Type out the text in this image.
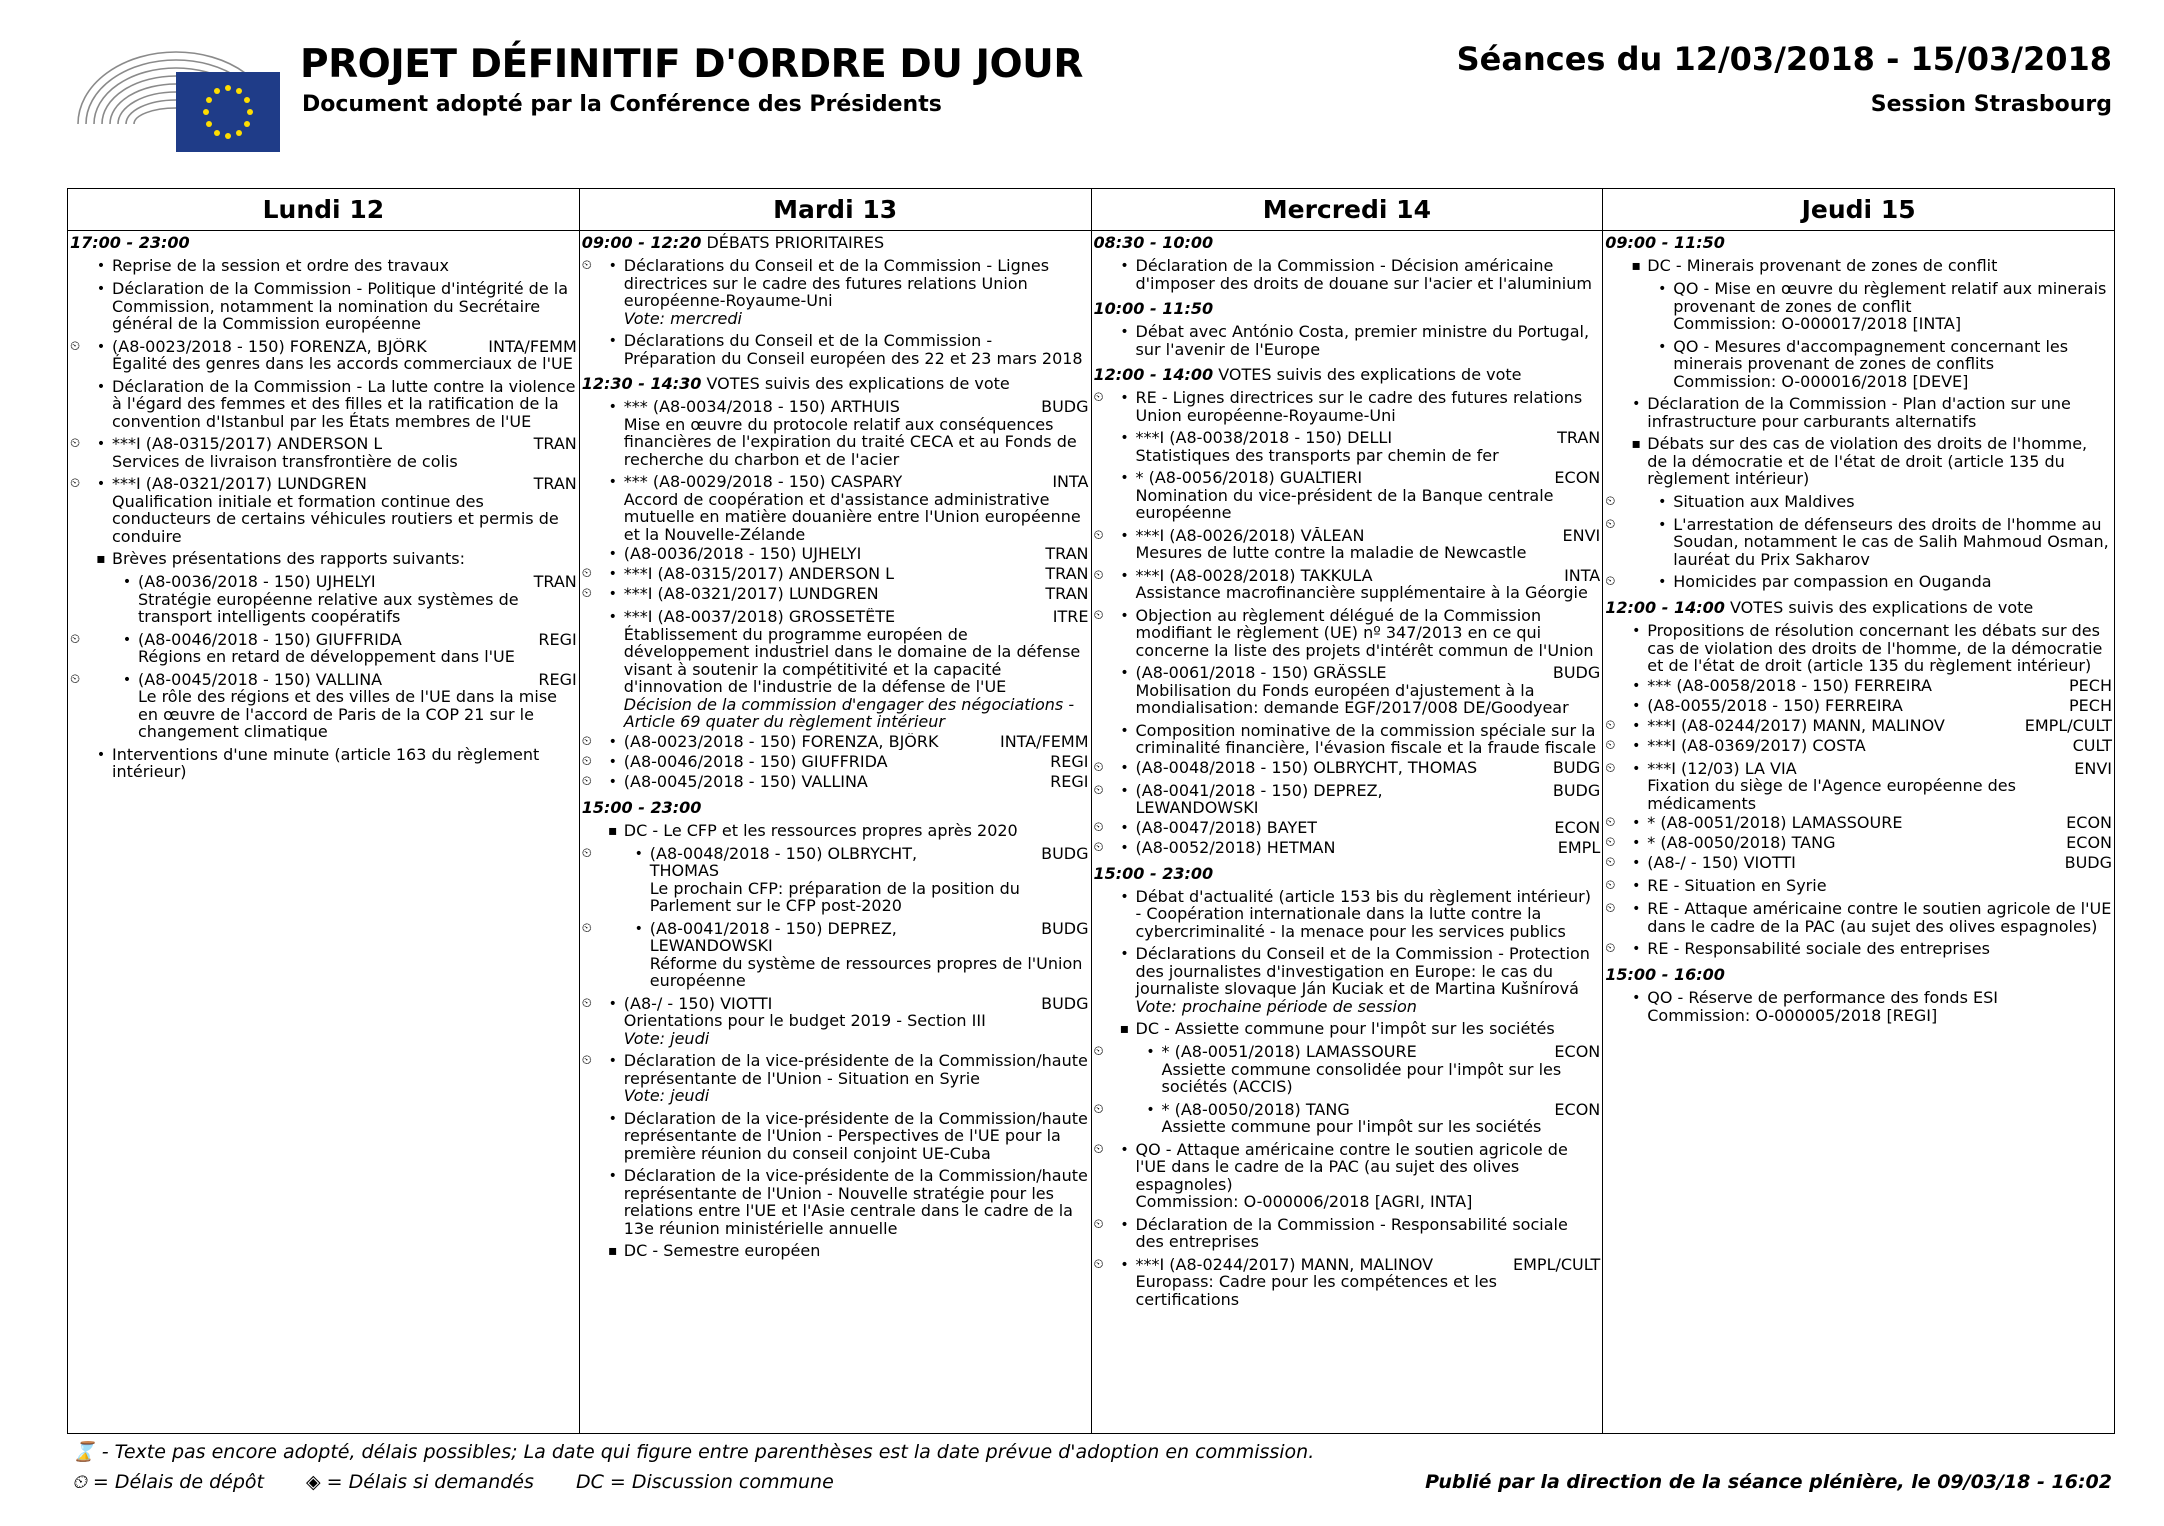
PROJET DÉFINITIF D'ORDRE DU JOUR
Document adopté par la Conférence des Présidents
Séances du 12/03/2018 - 15/03/2018
Session Strasbourg
Lundi 12
17:00 - 23:00
• Reprise de la session et ordre des travaux
• Déclaration de la Commission - Politique d'intégrité de la Commission, notamment la nomination du Secrétaire général de la Commission européenne
⏲	• (A8-0023/2018 - 150) FORENZA, BJÖRK	INTA/FEMM
Égalité des genres dans les accords commerciaux de l'UE
• Déclaration de la Commission - La lutte contre la violence à l'égard des femmes et des filles et la ratification de la convention d'Istanbul par les États membres de l'UE
⏲	• ***I (A8-0315/2017) ANDERSON L	TRAN
Services de livraison transfrontière de colis
⏲	• ***I (A8-0321/2017) LUNDGREN	TRAN
Qualification initiale et formation continue des conducteurs de certains véhicules routiers et permis de conduire
▪ Brèves présentations des rapports suivants:
• (A8-0036/2018 - 150) UJHELYI	TRAN
Stratégie européenne relative aux systèmes de transport intelligents coopératifs
⏲	• (A8-0046/2018 - 150) GIUFFRIDA	REGI
Régions en retard de développement dans l'UE
⏲	• (A8-0045/2018 - 150) VALLINA	REGI
Le rôle des régions et des villes de l'UE dans la mise en œuvre de l'accord de Paris de la COP 21 sur le changement climatique
• Interventions d'une minute (article 163 du règlement intérieur)
Mardi 13
09:00 - 12:20 DÉBATS PRIORITAIRES
⏲	• Déclarations du Conseil et de la Commission - Lignes directrices sur le cadre des futures relations Union européenne-Royaume-Uni
Vote: mercredi
• Déclarations du Conseil et de la Commission - Préparation du Conseil européen des 22 et 23 mars 2018
12:30 - 14:30 VOTES suivis des explications de vote
• *** (A8-0034/2018 - 150) ARTHUIS	BUDG
Mise en œuvre du protocole relatif aux conséquences financières de l'expiration du traité CECA et au Fonds de recherche du charbon et de l'acier
• *** (A8-0029/2018 - 150) CASPARY	INTA
Accord de coopération et d'assistance administrative mutuelle en matière douanière entre l'Union européenne et la Nouvelle-Zélande
• (A8-0036/2018 - 150) UJHELYI	TRAN
⏲	• ***I (A8-0315/2017) ANDERSON L	TRAN
⏲	• ***I (A8-0321/2017) LUNDGREN	TRAN
• ***I (A8-0037/2018) GROSSETÊTE	ITRE
Établissement du programme européen de développement industriel dans le domaine de la défense visant à soutenir la compétitivité et la capacité d'innovation de l'industrie de la défense de l'UE
Décision de la commission d'engager des négociations - Article 69 quater du règlement intérieur
⏲	• (A8-0023/2018 - 150) FORENZA, BJÖRK	INTA/FEMM
⏲	• (A8-0046/2018 - 150) GIUFFRIDA	REGI
⏲	• (A8-0045/2018 - 150) VALLINA	REGI
15:00 - 23:00
▪ DC - Le CFP et les ressources propres après 2020
⏲	• (A8-0048/2018 - 150) OLBRYCHT,	BUDG
THOMAS
Le prochain CFP: préparation de la position du Parlement sur le CFP post-2020
⏲	• (A8-0041/2018 - 150) DEPREZ,	BUDG
LEWANDOWSKI
Réforme du système de ressources propres de l'Union européenne
⏲	• (A8-/ - 150) VIOTTI	BUDG
Orientations pour le budget 2019 - Section III
Vote: jeudi
⏲	• Déclaration de la vice-présidente de la Commission/haute représentante de l'Union - Situation en Syrie
Vote: jeudi
• Déclaration de la vice-présidente de la Commission/haute représentante de l'Union - Perspectives de l'UE pour la première réunion du conseil conjoint UE-Cuba
• Déclaration de la vice-présidente de la Commission/haute représentante de l'Union - Nouvelle stratégie pour les relations entre l'UE et l'Asie centrale dans le cadre de la 13e réunion ministérielle annuelle
▪ DC - Semestre européen
Mercredi 14
08:30 - 10:00
• Déclaration de la Commission - Décision américaine d'imposer des droits de douane sur l'acier et l'aluminium
10:00 - 11:50
• Débat avec António Costa, premier ministre du Portugal, sur l'avenir de l'Europe
12:00 - 14:00 VOTES suivis des explications de vote
⏲	• RE - Lignes directrices sur le cadre des futures relations Union européenne-Royaume-Uni
• ***I (A8-0038/2018 - 150) DELLI	TRAN
Statistiques des transports par chemin de fer
• * (A8-0056/2018) GUALTIERI	ECON
Nomination du vice-président de la Banque centrale européenne
⏲	• ***I (A8-0026/2018) VĂLEAN	ENVI
Mesures de lutte contre la maladie de Newcastle
⏲	• ***I (A8-0028/2018) TAKKULA	INTA
Assistance macrofinancière supplémentaire à la Géorgie
⏲	• Objection au règlement délégué de la Commission modifiant le règlement (UE) nº 347/2013 en ce qui concerne la liste des projets d'intérêt commun de l'Union
• (A8-0061/2018 - 150) GRÄSSLE	BUDG
Mobilisation du Fonds européen d'ajustement à la mondialisation: demande EGF/2017/008 DE/Goodyear
• Composition nominative de la commission spéciale sur la criminalité financière, l'évasion fiscale et la fraude fiscale
⏲	• (A8-0048/2018 - 150) OLBRYCHT, THOMAS	BUDG
⏲	• (A8-0041/2018 - 150) DEPREZ,	BUDG
LEWANDOWSKI
⏲	• (A8-0047/2018) BAYET	ECON
⏲	• (A8-0052/2018) HETMAN	EMPL
15:00 - 23:00
• Débat d'actualité (article 153 bis du règlement intérieur) - Coopération internationale dans la lutte contre la cybercriminalité - la menace pour les services publics
• Déclarations du Conseil et de la Commission - Protection des journalistes d'investigation en Europe: le cas du journaliste slovaque Ján Kuciak et de Martina Kušnírová
Vote: prochaine période de session
▪ DC - Assiette commune pour l'impôt sur les sociétés
⏲	• * (A8-0051/2018) LAMASSOURE	ECON
Assiette commune consolidée pour l'impôt sur les sociétés (ACCIS)
⏲	• * (A8-0050/2018) TANG	ECON
Assiette commune pour l'impôt sur les sociétés
⏲	• QO - Attaque américaine contre le soutien agricole de l'UE dans le cadre de la PAC (au sujet des olives espagnoles)
Commission: O-000006/2018 [AGRI, INTA]
⏲	• Déclaration de la Commission - Responsabilité sociale des entreprises
⏲	• ***I (A8-0244/2017) MANN, MALINOV	EMPL/CULT
Europass: Cadre pour les compétences et les certifications
Jeudi 15
09:00 - 11:50
▪ DC - Minerais provenant de zones de conflit
• QO - Mise en œuvre du règlement relatif aux minerais provenant de zones de conflit
Commission: O-000017/2018 [INTA]
• QO - Mesures d'accompagnement concernant les minerais provenant de zones de conflits
Commission: O-000016/2018 [DEVE]
• Déclaration de la Commission - Plan d'action sur une infrastructure pour carburants alternatifs
▪ Débats sur des cas de violation des droits de l'homme, de la démocratie et de l'état de droit (article 135 du règlement intérieur)
⏲	• Situation aux Maldives
⏲	• L'arrestation de défenseurs des droits de l'homme au Soudan, notamment le cas de Salih Mahmoud Osman, lauréat du Prix Sakharov
⏲	• Homicides par compassion en Ouganda
12:00 - 14:00 VOTES suivis des explications de vote
• Propositions de résolution concernant les débats sur des cas de violation des droits de l'homme, de la démocratie et de l'état de droit (article 135 du règlement intérieur)
• *** (A8-0058/2018 - 150) FERREIRA	PECH
• (A8-0055/2018 - 150) FERREIRA	PECH
⏲	• ***I (A8-0244/2017) MANN, MALINOV	EMPL/CULT
⏲	• ***I (A8-0369/2017) COSTA	CULT
⏲	• ***I (12/03) LA VIA	ENVI
Fixation du siège de l'Agence européenne des médicaments
⏲	• * (A8-0051/2018) LAMASSOURE	ECON
⏲	• * (A8-0050/2018) TANG	ECON
⏲	• (A8-/ - 150) VIOTTI	BUDG
⏲	• RE - Situation en Syrie
⏲	• RE - Attaque américaine contre le soutien agricole de l'UE dans le cadre de la PAC (au sujet des olives espagnoles)
⏲	• RE - Responsabilité sociale des entreprises
15:00 - 16:00
• QO - Réserve de performance des fonds ESI
Commission: O-000005/2018 [REGI]
⌛ - Texte pas encore adopté, délais possibles; La date qui figure entre parenthèses est la date prévue d'adoption en commission.
⏲ = Délais de dépôt ◈ = Délais si demandés DC = Discussion commune	Publié par la direction de la séance plénière, le 09/03/18 - 16:02
